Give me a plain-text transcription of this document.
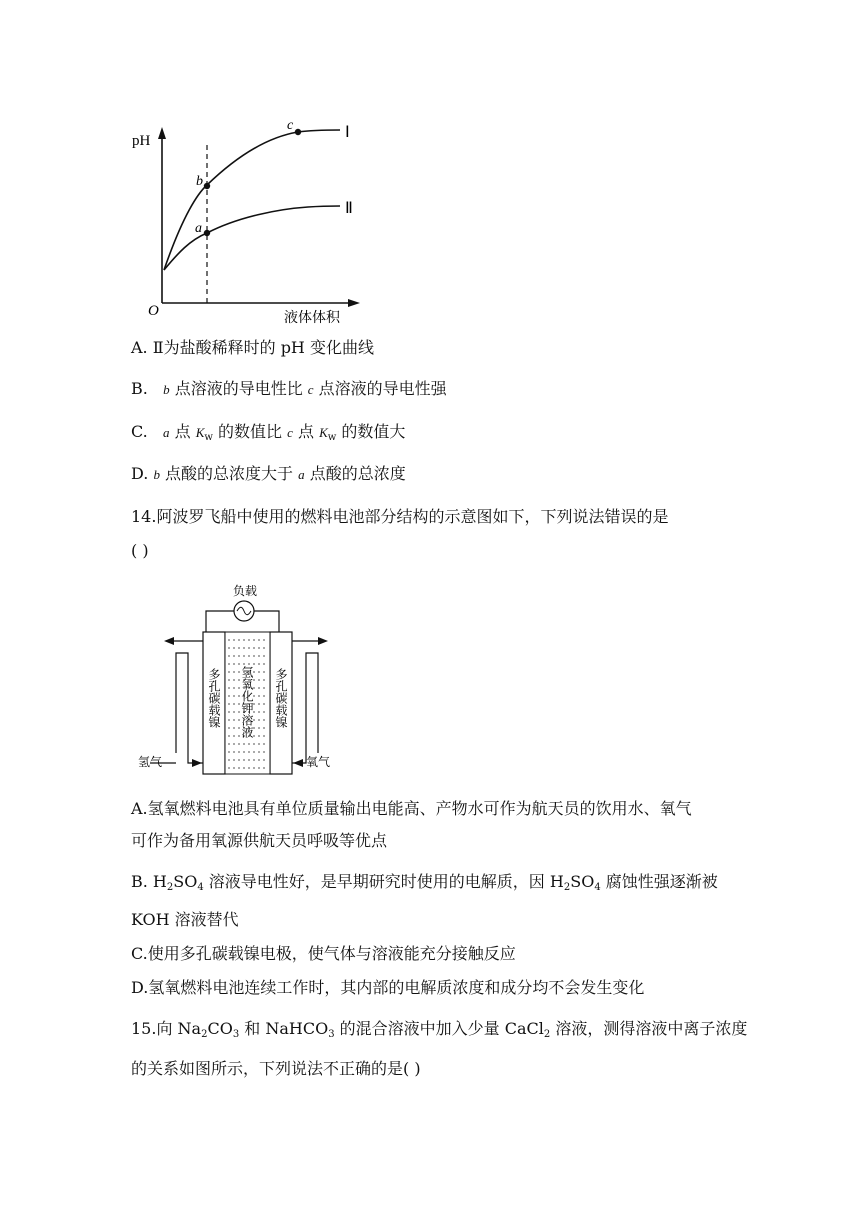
pH
O	液体体积
Ⅰ
Ⅱ
b
a
c
A. Ⅱ为盐酸稀释时的 pH 变化曲线
B. b 点溶液的导电性比 c 点溶液的导电性强
C. a 点 $K_w$ 的数值比 c 点 $K_w$ 的数值大
D. b 点酸的总浓度大于 a 点酸的总浓度
14.阿波罗飞船中使用的燃料电池部分结构的示意图如下，下列说法错误的是
( )
负载
多孔碳载镍 氢氧化钾溶液 多孔碳载镍
氢气	氧气
A.氢氧燃料电池具有单位质量输出电能高、产物水可作为航天员的饮用水、氧气
可作为备用氧源供航天员呼吸等优点
B. $H_2SO_4$ 溶液导电性好，是早期研究时使用的电解质，因 $H_2SO_4$ 腐蚀性强逐渐被
KOH 溶液替代
C.使用多孔碳载镍电极，使气体与溶液能充分接触反应
D.氢氧燃料电池连续工作时，其内部的电解质浓度和成分均不会发生变化
15.向 $Na_2CO_3$ 和 NaHCO$_3$ 的混合溶液中加入少量 CaCl$_2$ 溶液，测得溶液中离子浓度
的关系如图所示，下列说法不正确的是( )
